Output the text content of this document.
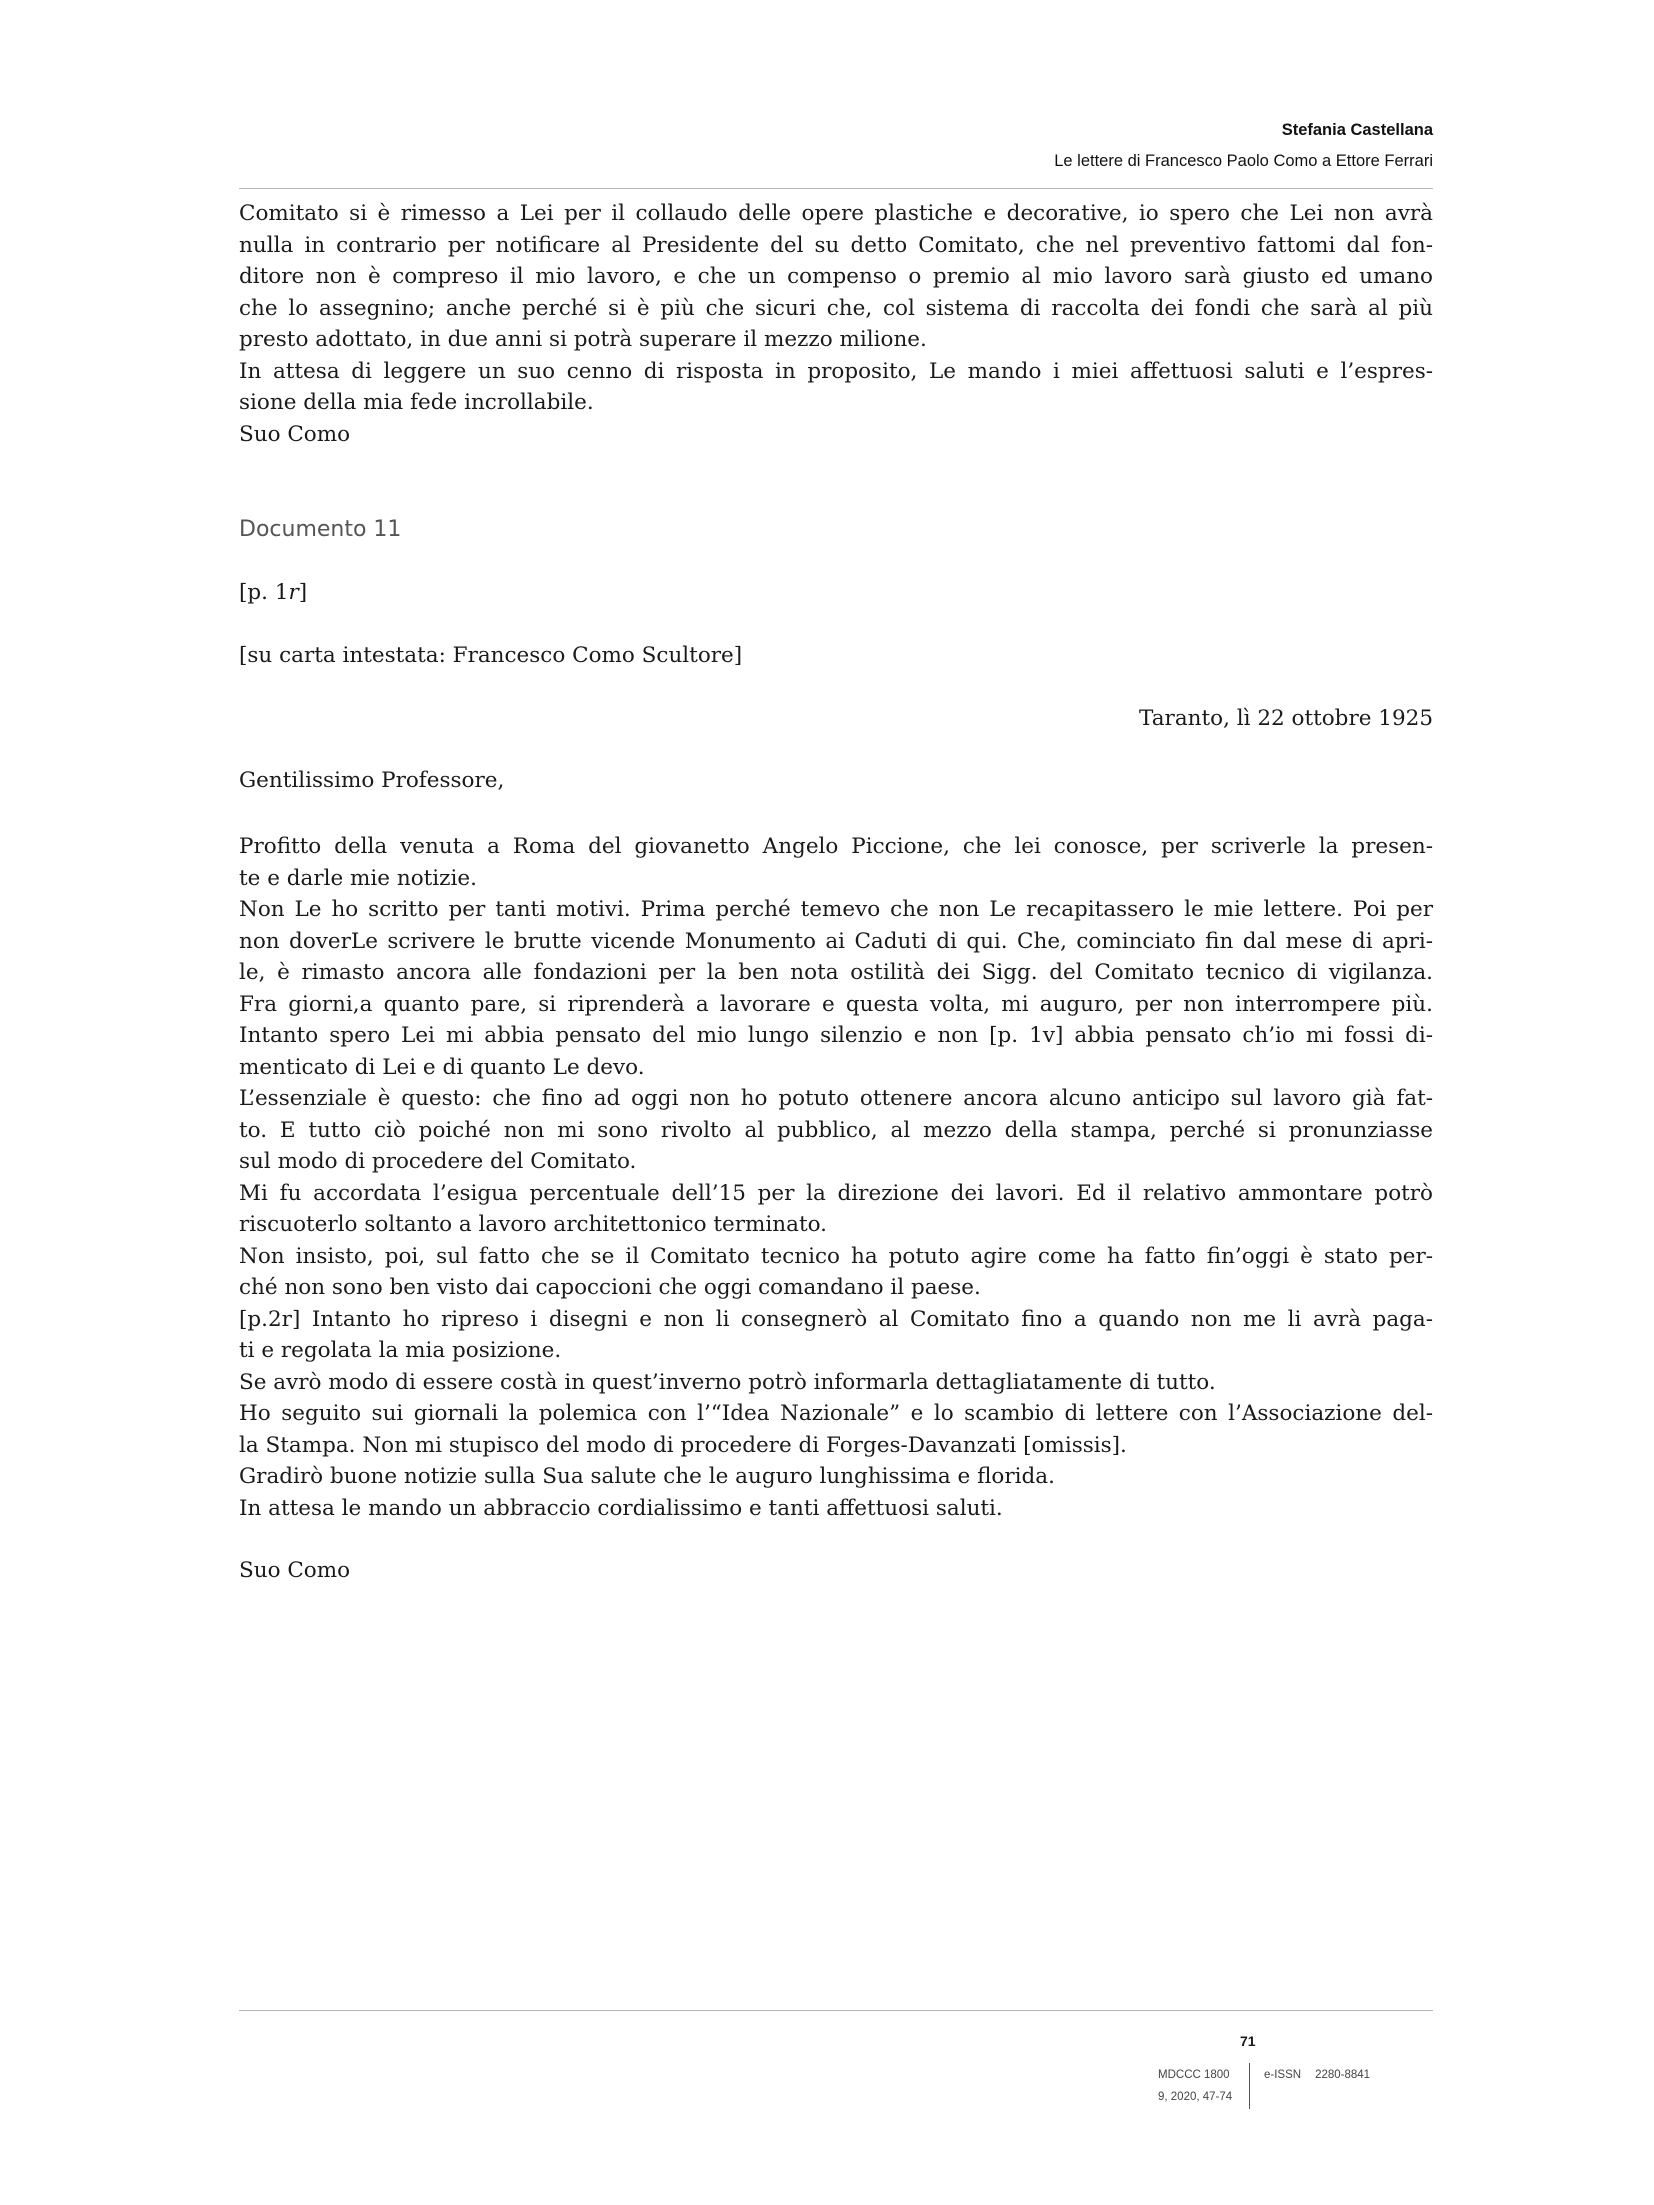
Stefania Castellana
Le lettere di Francesco Paolo Como a Ettore Ferrari
Comitato si è rimesso a Lei per il collaudo delle opere plastiche e decorative, io spero che Lei non avrà
nulla in contrario per notificare al Presidente del su detto Comitato, che nel preventivo fattomi dal fon-
ditore non è compreso il mio lavoro, e che un compenso o premio al mio lavoro sarà giusto ed umano
che lo assegnino; anche perché si è più che sicuri che, col sistema di raccolta dei fondi che sarà al più
presto adottato, in due anni si potrà superare il mezzo milione.
In attesa di leggere un suo cenno di risposta in proposito, Le mando i miei affettuosi saluti e l’espres-
sione della mia fede incrollabile.
Suo Como
Documento 11
[p. 1r]
[su carta intestata: Francesco Como Scultore]
Taranto, lì 22 ottobre 1925
Gentilissimo Professore,
Profitto della venuta a Roma del giovanetto Angelo Piccione, che lei conosce, per scriverle la presen-
te e darle mie notizie.
Non Le ho scritto per tanti motivi. Prima perché temevo che non Le recapitassero le mie lettere. Poi per
non doverLe scrivere le brutte vicende Monumento ai Caduti di qui. Che, cominciato fin dal mese di apri-
le, è rimasto ancora alle fondazioni per la ben nota ostilità dei Sigg. del Comitato tecnico di vigilanza.
Fra giorni,a quanto pare, si riprenderà a lavorare e questa volta, mi auguro, per non interrompere più.
Intanto spero Lei mi abbia pensato del mio lungo silenzio e non [p. 1v] abbia pensato ch’io mi fossi di-
menticato di Lei e di quanto Le devo.
L’essenziale è questo: che fino ad oggi non ho potuto ottenere ancora alcuno anticipo sul lavoro già fat-
to. E tutto ciò poiché non mi sono rivolto al pubblico, al mezzo della stampa, perché si pronunziasse
sul modo di procedere del Comitato.
Mi fu accordata l’esigua percentuale dell’15 per la direzione dei lavori. Ed il relativo ammontare potrò
riscuoterlo soltanto a lavoro architettonico terminato.
Non insisto, poi, sul fatto che se il Comitato tecnico ha potuto agire come ha fatto fin’oggi è stato per-
ché non sono ben visto dai capoccioni che oggi comandano il paese.
[p.2r] Intanto ho ripreso i disegni e non li consegnerò al Comitato fino a quando non me li avrà paga-
ti e regolata la mia posizione.
Se avrò modo di essere costà in quest’inverno potrò informarla dettagliatamente di tutto.
Ho seguito sui giornali la polemica con l’“Idea Nazionale” e lo scambio di lettere con l’Associazione del-
la Stampa. Non mi stupisco del modo di procedere di Forges-Davanzati [omissis].
Gradirò buone notizie sulla Sua salute che le auguro lunghissima e florida.
In attesa le mando un abbraccio cordialissimo e tanti affettuosi saluti.
Suo Como
71
MDCCC 1800
9, 2020, 47-74
e-ISSN 2280-8841
